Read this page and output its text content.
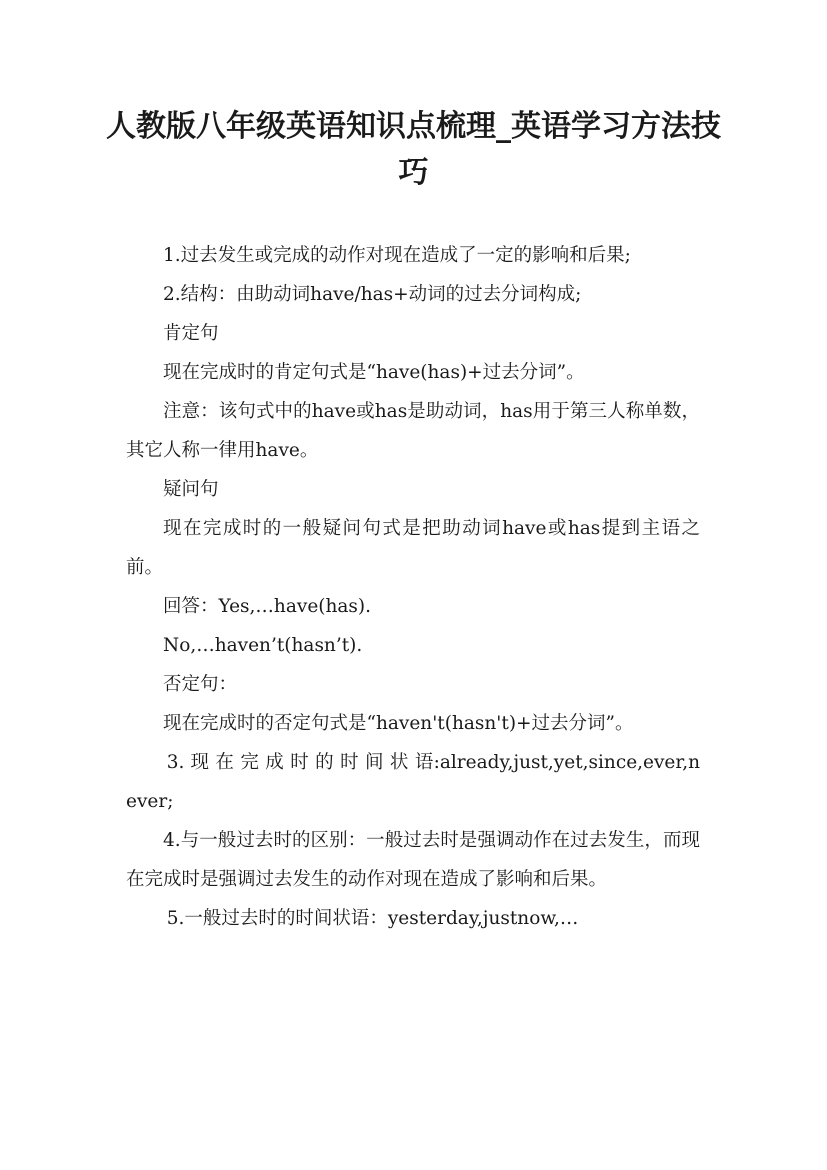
人教版八年级英语知识点梳理_英语学习方法技巧

1.过去发生或完成的动作对现在造成了一定的影响和后果;

2.结构：由助动词have/has+动词的过去分词构成;

肯定句

现在完成时的肯定句式是“have(has)+过去分词”。

注意：该句式中的have或has是助动词，has用于第三人称单数，其它人称一律用have。

疑问句

现在完成时的一般疑问句式是把助动词have或has提到主语之前。

回答：Yes,…have(has).

No,…haven’t(hasn’t).

否定句：

现在完成时的否定句式是“haven't(hasn't)+过去分词”。

3. 现 在 完 成 时 的 时 间 状 语:already,just,yet,since,ever,never;

4.与一般过去时的区别：一般过去时是强调动作在过去发生，而现在完成时是强调过去发生的动作对现在造成了影响和后果。

5.一般过去时的时间状语：yesterday,justnow,…
